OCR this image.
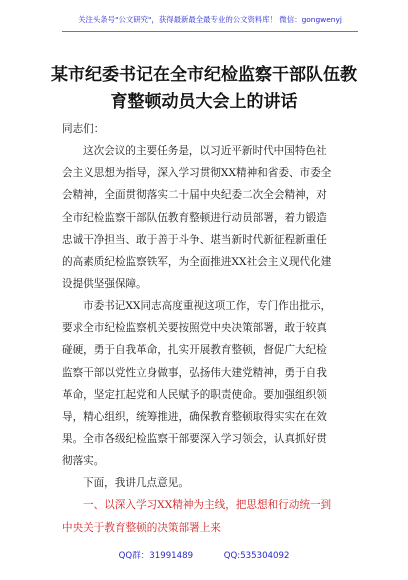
关注头条号"公文研究"，获得最新最全最专业的公文资料库！ 微信：gongwenyj
某市纪委书记在全市纪检监察干部队伍教
育整顿动员大会上的讲话
同志们：
这次会议的主要任务是，以习近平新时代中国特色社
会主义思想为指导，深入学习贯彻XX精神和省委、市委全
会精神，全面贯彻落实二十届中央纪委二次全会精神，对
全市纪检监察干部队伍教育整顿进行动员部署，着力锻造
忠诚干净担当、敢于善于斗争、堪当新时代新征程新重任
的高素质纪检监察铁军，为全面推进XX社会主义现代化建
设提供坚强保障。
市委书记XX同志高度重视这项工作，专门作出批示，
要求全市纪检监察机关要按照党中央决策部署，敢于较真
碰硬，勇于自我革命，扎实开展教育整顿，督促广大纪检
监察干部以党性立身做事，弘扬伟大建党精神，勇于自我
革命，坚定扛起党和人民赋予的职责使命。要加强组织领
导，精心组织，统筹推进，确保教育整顿取得实实在在效
果。全市各级纪检监察干部要深入学习领会，认真抓好贯
彻落实。
下面，我讲几点意见。
一、以深入学习XX精神为主线，把思想和行动统一到
中央关于教育整顿的决策部署上来
QQ群：31991489	QQ:535304092
